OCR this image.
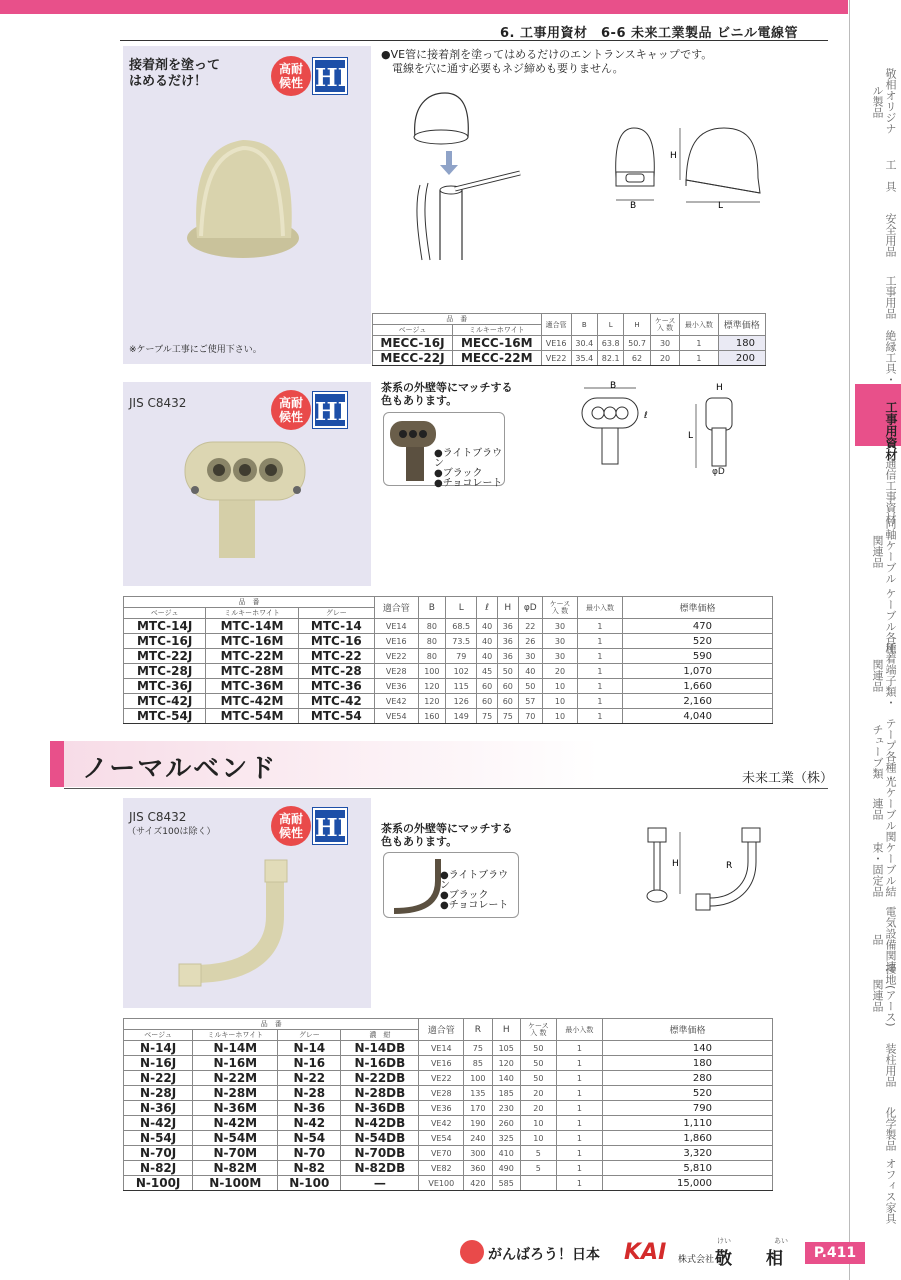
6. 工事用資材　6-6 未来工業製品 ビニル電線管
接着剤を塗って
はめるだけ！
高耐
候性 HI
※ケーブル工事にご使用下さい。
●VE管に接着剤を塗ってはめるだけのエントランスキャップです。
　電線を穴に通す必要もネジ締めも要りません。
B
H
L
品　番		適合管	B	L	H	ケース
入 数	最小入数	標準価格
ベージュ	ミルキーホワイト							
MECC-16J	MECC-16M	VE16	30.4	63.8	50.7	30	1	180
MECC-22J	MECC-22M	VE22	35.4	82.1	62	20	1	200
JIS C8432	高耐
候性 HI
茶系の外壁等にマッチする
色もあります。
●ライトブラウン
●ブラック
●チョコレート
B
ℓ
L
H
φD
品　番			適合管	B	L	ℓ	H	φD	ケース
入 数	最小入数	標準価格
ベージュ	ミルキーホワイト	グレー									
MTC-14J	MTC-14M	MTC-14	VE14	80	68.5	40	36	22	30	1	470
MTC-16J	MTC-16M	MTC-16	VE16	80	73.5	40	36	26	30	1	520
MTC-22J	MTC-22M	MTC-22	VE22	80	79	40	36	30	30	1	590
MTC-28J	MTC-28M	MTC-28	VE28	100	102	45	50	40	20	1	1,070
MTC-36J	MTC-36M	MTC-36	VE36	120	115	60	60	50	10	1	1,660
MTC-42J	MTC-42M	MTC-42	VE42	120	126	60	60	57	10	1	2,160
MTC-54J	MTC-54M	MTC-54	VE54	160	149	75	75	70	10	1	4,040
ノーマルベンド	未来工業（株）
JIS C8432
（サイズ100は除く）
高耐
候性 HI	茶系の外壁等にマッチする
色もあります。
●ライトブラウン
●ブラック
●チョコレート
H	R
品　番				適合管	R	H	ケース
入 数	最小入数	標準価格
ベージュ	ミルキーホワイト	グレー	濃　紺						
N-14J	N-14M	N-14	N-14DB	VE14	75	105	50	1	140
N-16J	N-16M	N-16	N-16DB	VE16	85	120	50	1	180
N-22J	N-22M	N-22	N-22DB	VE22	100	140	50	1	280
N-28J	N-28M	N-28	N-28DB	VE28	135	185	20	1	520
N-36J	N-36M	N-36	N-36DB	VE36	170	230	20	1	790
N-42J	N-42M	N-42	N-42DB	VE42	190	260	10	1	1,110
N-54J	N-54M	N-54	N-54DB	VE54	240	325	10	1	1,860
N-70J	N-70M	N-70	N-70DB	VE70	300	410	5	1	3,320
N-82J	N-82M	N-82	N-82DB	VE82	360	490	5	1	5,810
N-100J	N-100M	N-100	—	VE100	420	585		1	15,000
敬相オリジナル製品
工　具
安全用品
工事用品
絶縁工具・
工事用資材
通信工事資材
同軸ケーブル関連品
ケーブル各種
圧着端子類・関連品
テープ各種・チューブ類
光ケーブル関連品
ケーブル結束・固定品
電気設備関連品
接地(アース)関連品
装柱用品
化学製品
オフィス家具
がんばろう！日本 KAI 株式会社
けい	あい
敬　　相	P.411
